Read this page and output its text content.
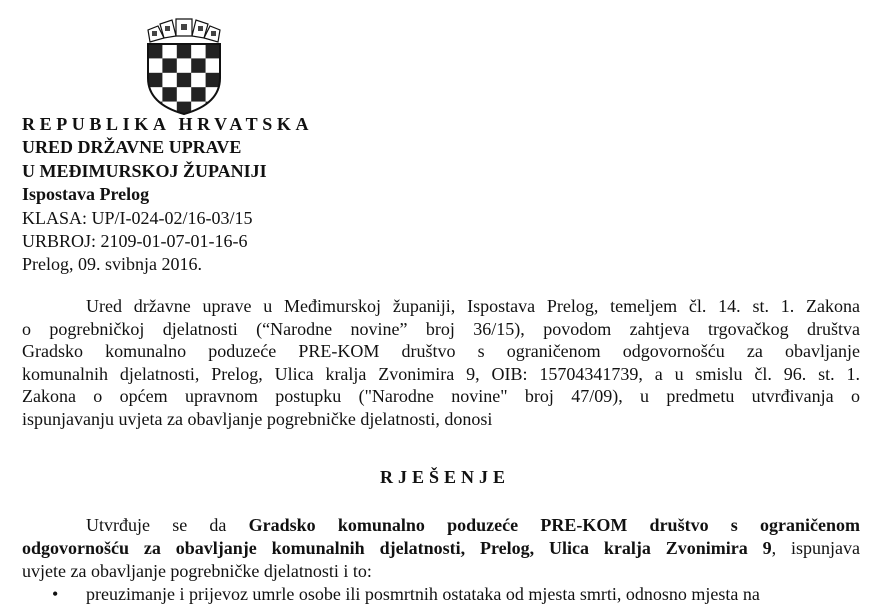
REPUBLIKA HRVATSKA
URED DRŽAVNE UPRAVE
U MEĐIMURSKOJ ŽUPANIJI
Ispostava Prelog
KLASA: UP/I-024-02/16-03/15
URBROJ: 2109-01-07-01-16-6
Prelog, 09. svibnja 2016.
Ured državne uprave u Međimurskoj županiji, Ispostava Prelog, temeljem čl. 14. st. 1. Zakona
o pogrebničkoj djelatnosti (“Narodne novine” broj 36/15), povodom zahtjeva trgovačkog društva
Gradsko komunalno poduzeće PRE-KOM društvo s ograničenom odgovornošću za obavljanje
komunalnih djelatnosti, Prelog, Ulica kralja Zvonimira 9, OIB: 15704341739, a u smislu čl. 96. st. 1.
Zakona o općem upravnom postupku ("Narodne novine" broj 47/09), u predmetu utvrđivanja o
ispunjavanju uvjeta za obavljanje pogrebničke djelatnosti, donosi
RJEŠENJE
Utvrđuje se da Gradsko komunalno poduzeće PRE-KOM društvo s ograničenom
odgovornošću za obavljanje komunalnih djelatnosti, Prelog, Ulica kralja Zvonimira 9, ispunjava
uvjete za obavljanje pogrebničke djelatnosti i to:
• preuzimanje i prijevoz umrle osobe ili posmrtnih ostataka od mjesta smrti, odnosno mjesta na
